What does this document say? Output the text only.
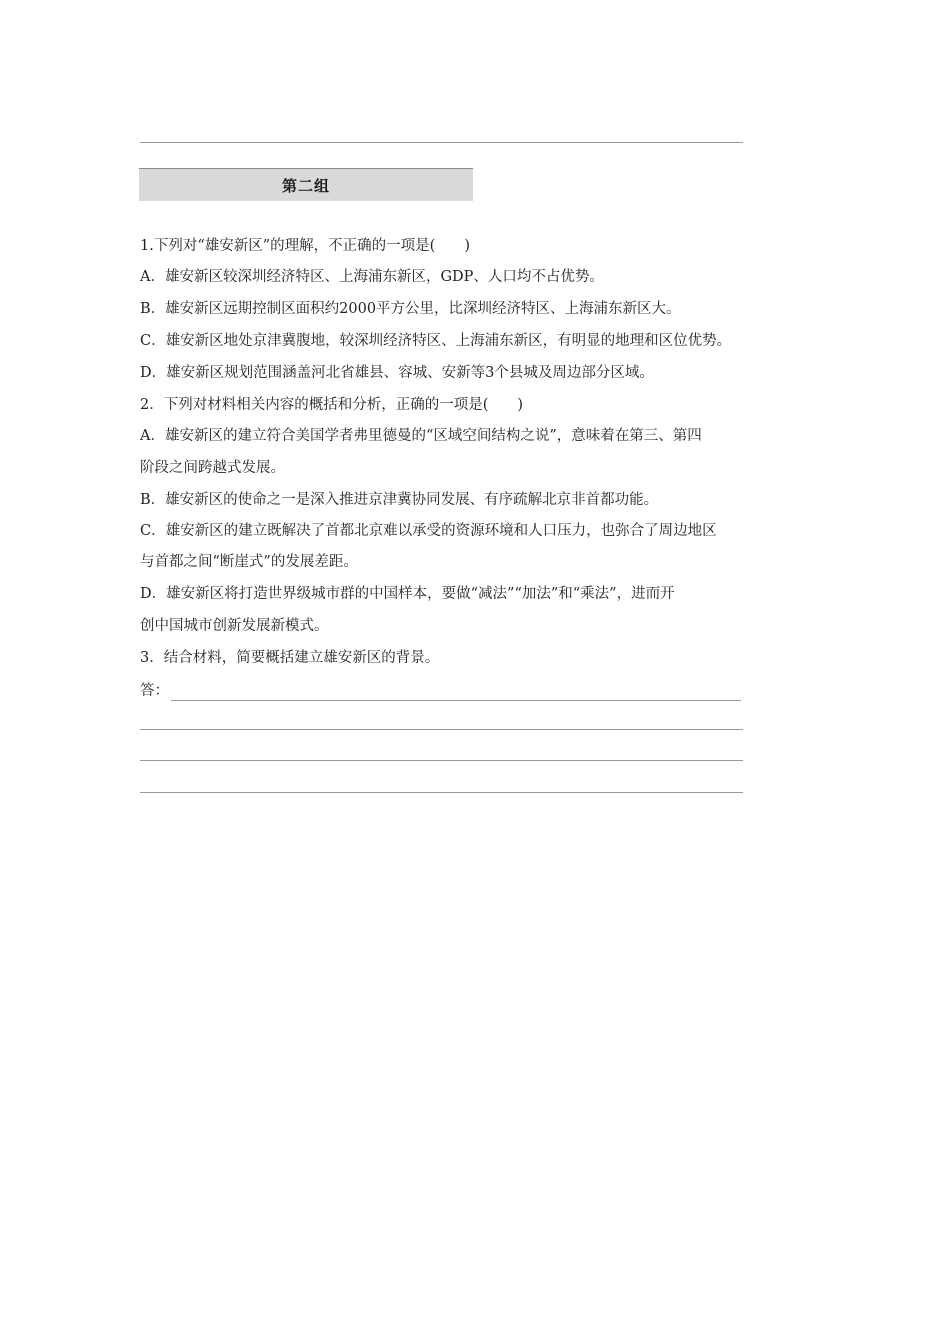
第二组
1.下列对“雄安新区”的理解，不正确的一项是(　　)
A．雄安新区较深圳经济特区、上海浦东新区，GDP、人口均不占优势。
B．雄安新区远期控制区面积约2000平方公里，比深圳经济特区、上海浦东新区大。
C．雄安新区地处京津冀腹地，较深圳经济特区、上海浦东新区，有明显的地理和区位优势。
D．雄安新区规划范围涵盖河北省雄县、容城、安新等3个县城及周边部分区域。
2．下列对材料相关内容的概括和分析，正确的一项是(　　)
A．雄安新区的建立符合美国学者弗里德曼的“区域空间结构之说”，意味着在第三、第四
阶段之间跨越式发展。
B．雄安新区的使命之一是深入推进京津冀协同发展、有序疏解北京非首都功能。
C．雄安新区的建立既解决了首都北京难以承受的资源环境和人口压力，也弥合了周边地区
与首都之间“断崖式”的发展差距。
D．雄安新区将打造世界级城市群的中国样本，要做“减法”“加法”和“乘法”，进而开
创中国城市创新发展新模式。
3．结合材料，简要概括建立雄安新区的背景。
答：
